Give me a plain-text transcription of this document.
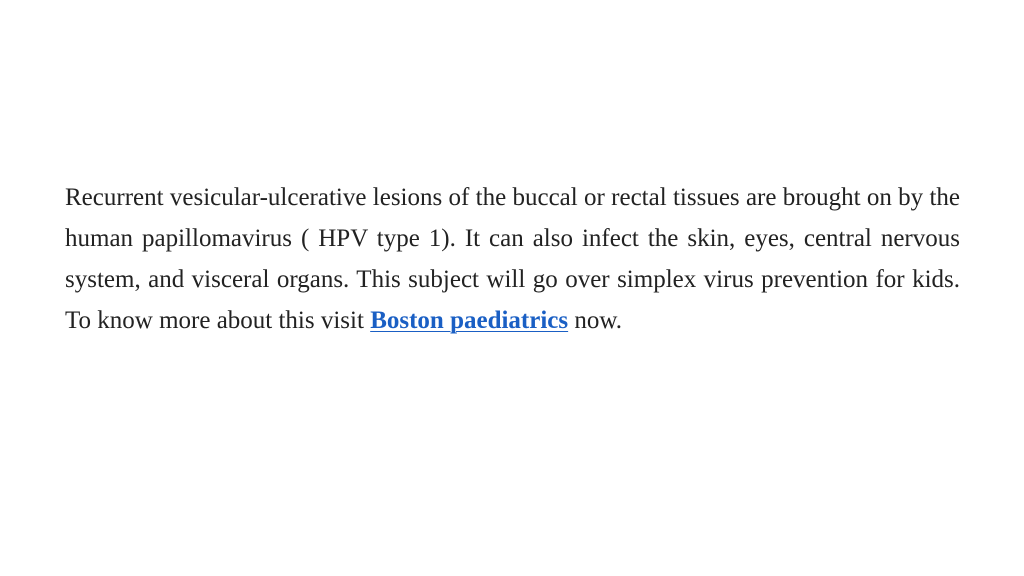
Recurrent vesicular-ulcerative lesions of the buccal or rectal tissues are brought on by the human papillomavirus ( HPV type 1). It can also infect the skin, eyes, central nervous system, and visceral organs. This subject will go over simplex virus prevention for kids. To know more about this visit Boston paediatrics now.
